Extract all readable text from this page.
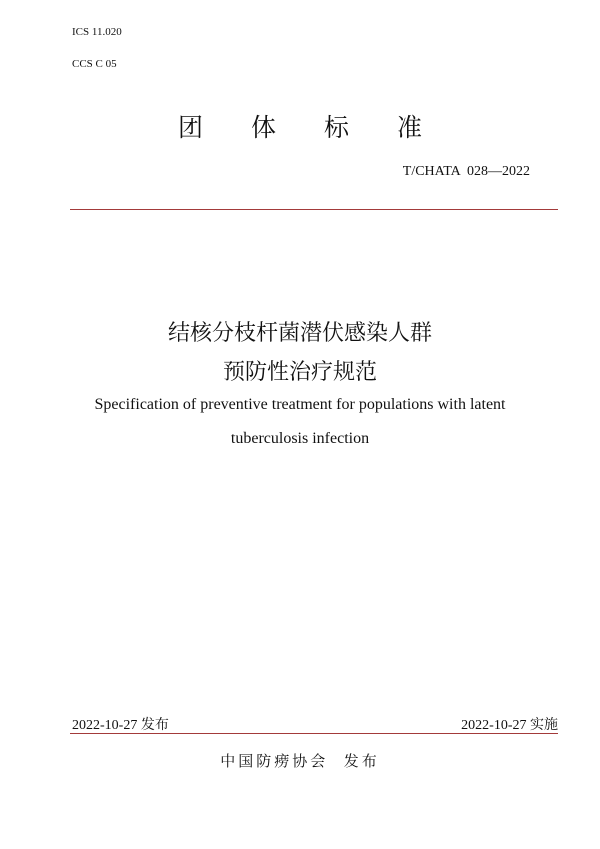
ICS 11.020
CCS C 05
团 体 标 准
T/CHATA  028—2022
结核分枝杆菌潜伏感染人群
预防性治疗规范
Specification of preventive treatment for populations with latent
tuberculosis infection
2022-10-27 发布	2022-10-27 实施
中国防痨协会  发布
